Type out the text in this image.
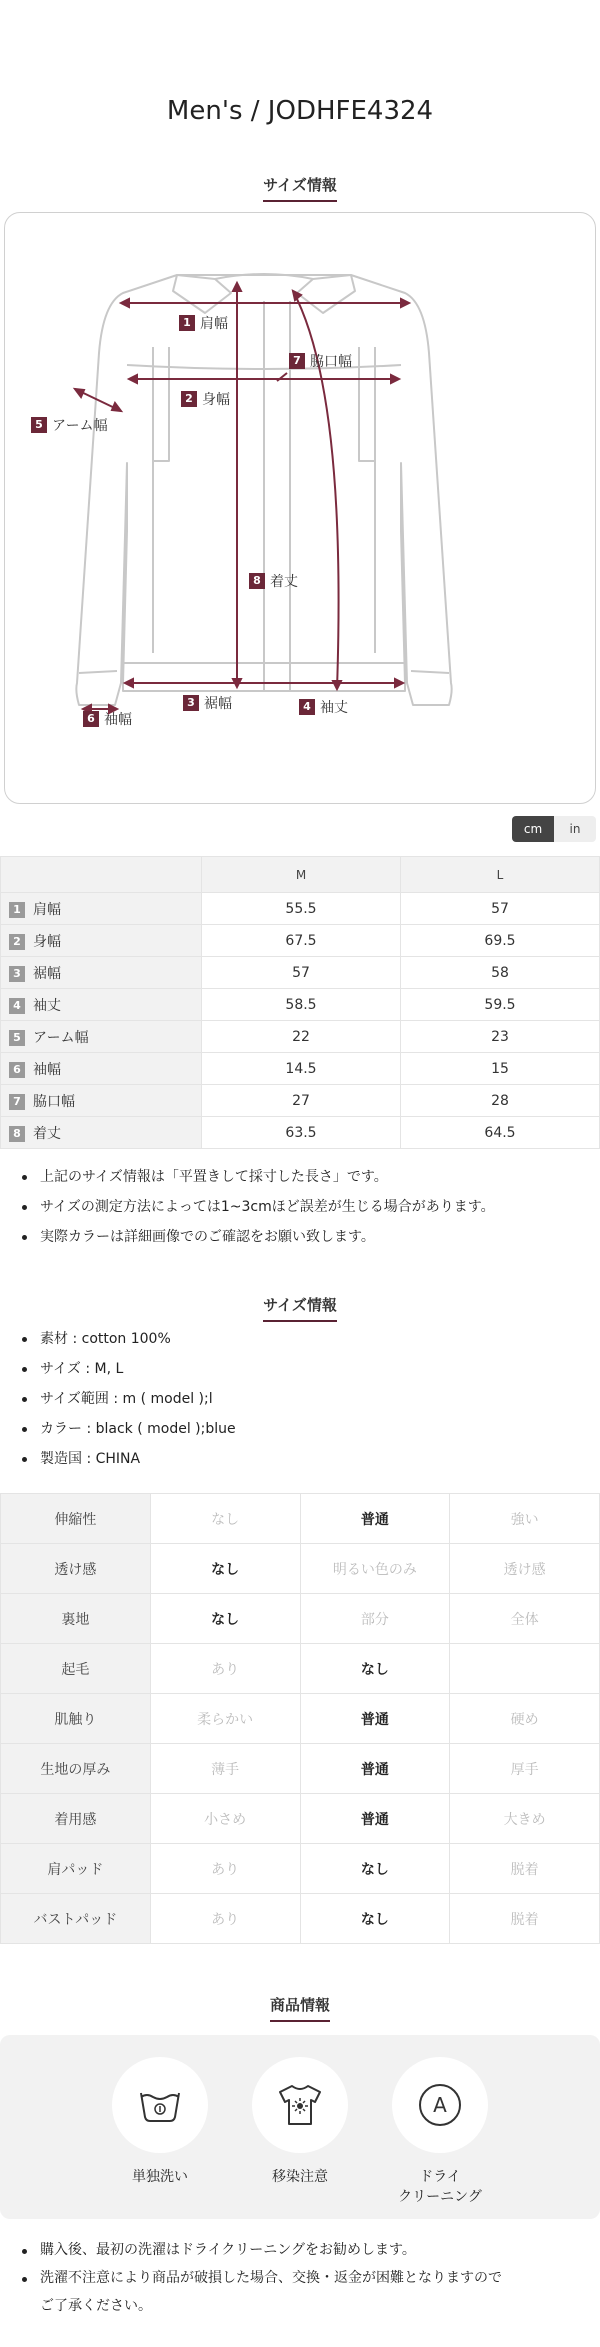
Men's / JODHFE4324
サイズ情報
1 肩幅
2 身幅
3 裾幅	4 袖丈
5 アーム幅
6 袖幅
7 脇口幅
8 着丈
cm	in
	M	L
1 肩幅	55.5	57
2 身幅	67.5	69.5
3 裾幅	57	58
4 袖丈	58.5	59.5
5 アーム幅	22	23
6 袖幅	14.5	15
7 脇口幅	27	28
8 着丈	63.5	64.5
上記のサイズ情報は「平置きして採寸した長さ」です。
サイズの測定方法によっては1~3cmほど誤差が生じる場合があります。
実際カラーは詳細画像でのご確認をお願い致します。
サイズ情報
素材 : cotton 100%
サイズ : M, L
サイズ範囲 : m ( model );l
カラー : black ( model );blue
製造国 : CHINA
伸縮性	なし	普通	強い
透け感	なし	明るい色のみ	透け感
裏地	なし	部分	全体
起毛	あり	なし	
肌触り	柔らかい	普通	硬め
生地の厚み	薄手	普通	厚手
着用感	小さめ	普通	大きめ
肩パッド	あり	なし	脱着
バストパッド	あり	なし	脱着
商品情報
単独洗い	移染注意
A
ドライ
クリーニング
購入後、最初の洗濯はドライクリーニングをお勧めします。
洗濯不注意により商品が破損した場合、交換・返金が困難となりますので
ご了承ください。
